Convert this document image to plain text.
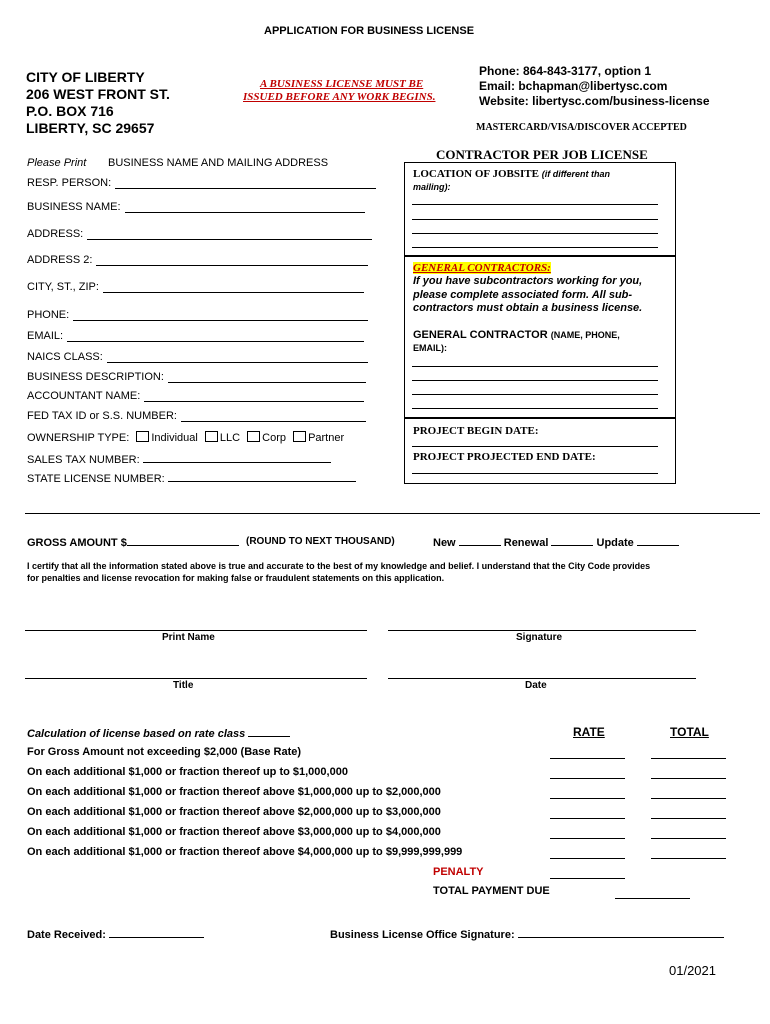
APPLICATION FOR BUSINESS LICENSE
CITY OF LIBERTY
206 WEST FRONT ST.
P.O. BOX 716
LIBERTY, SC 29657
A BUSINESS LICENSE MUST BE
ISSUED BEFORE ANY WORK BEGINS.
Phone: 864-843-3177, option 1
Email: bchapman@libertysc.com
Website: libertysc.com/business-license
MASTERCARD/VISA/DISCOVER ACCEPTED
Please Print BUSINESS NAME AND MAILING ADDRESS
RESP. PERSON:
BUSINESS NAME:
ADDRESS:
ADDRESS 2:
CITY, ST., ZIP:
PHONE:
EMAIL:
NAICS CLASS:
BUSINESS DESCRIPTION:
ACCOUNTANT NAME:
FED TAX ID or S.S. NUMBER:
OWNERSHIP TYPE: Individual LLC Corp Partner
SALES TAX NUMBER:
STATE LICENSE NUMBER:
CONTRACTOR PER JOB LICENSE
LOCATION OF JOBSITE (if different than
mailing):
GENERAL CONTRACTORS:
If you have subcontractors working for you,
please complete associated form. All sub-
contractors must obtain a business license.
GENERAL CONTRACTOR (NAME, PHONE,
EMAIL):
PROJECT BEGIN DATE:
PROJECT PROJECTED END DATE:
GROSS AMOUNT $	(ROUND TO NEXT THOUSAND)	New	Renewal	Update
I certify that all the information stated above is true and accurate to the best of my knowledge and belief. I understand that the City Code provides
for penalties and license revocation for making false or fraudulent statements on this application.
Print Name	Signature
Title	Date
Calculation of license based on rate class	RATE	TOTAL
For Gross Amount not exceeding $2,000 (Base Rate)
On each additional $1,000 or fraction thereof up to $1,000,000
On each additional $1,000 or fraction thereof above $1,000,000 up to $2,000,000
On each additional $1,000 or fraction thereof above $2,000,000 up to $3,000,000
On each additional $1,000 or fraction thereof above $3,000,000 up to $4,000,000
On each additional $1,000 or fraction thereof above $4,000,000 up to $9,999,999,999
PENALTY
TOTAL PAYMENT DUE
Date Received:	Business License Office Signature:
01/2021
